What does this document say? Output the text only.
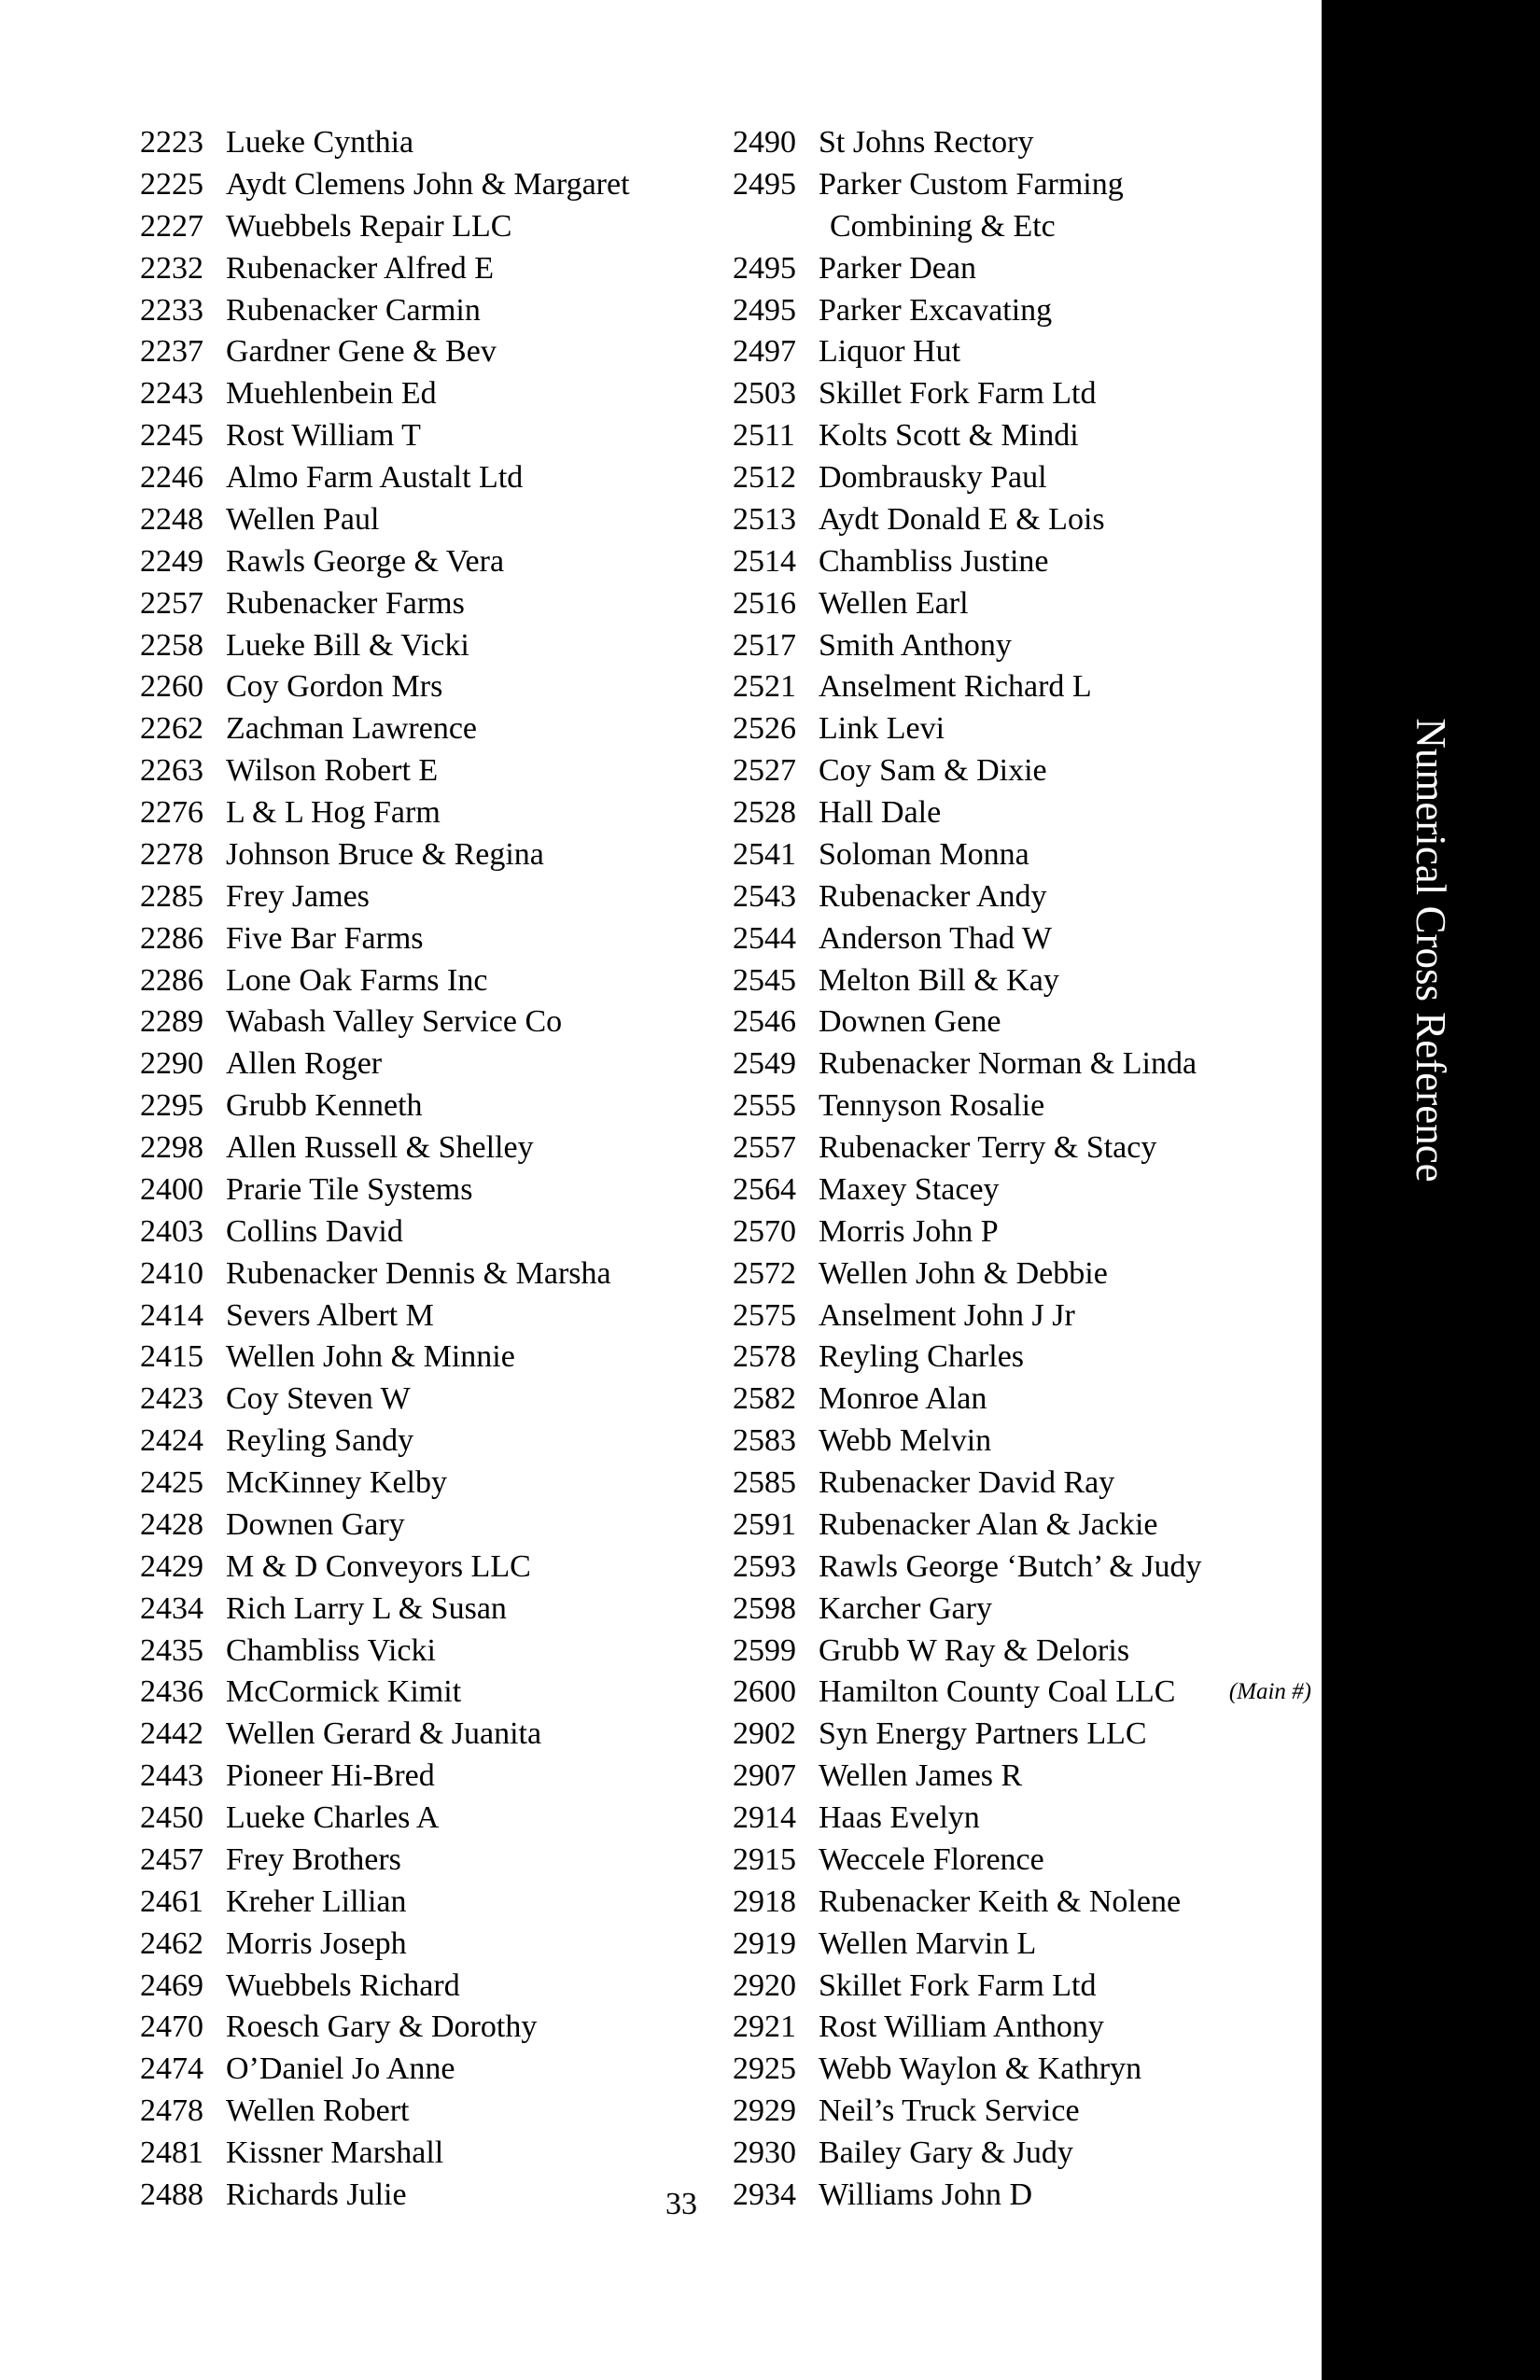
2223 Lueke Cynthia
2225 Aydt Clemens John & Margaret
2227 Wuebbels Repair LLC
2232 Rubenacker Alfred E
2233 Rubenacker Carmin
2237 Gardner Gene & Bev
2243 Muehlenbein Ed
2245 Rost William T
2246 Almo Farm Austalt Ltd
2248 Wellen Paul
2249 Rawls George & Vera
2257 Rubenacker Farms
2258 Lueke Bill & Vicki
2260 Coy Gordon Mrs
2262 Zachman Lawrence
2263 Wilson Robert E
2276 L & L Hog Farm
2278 Johnson Bruce & Regina
2285 Frey James
2286 Five Bar Farms
2286 Lone Oak Farms Inc
2289 Wabash Valley Service Co
2290 Allen Roger
2295 Grubb Kenneth
2298 Allen Russell & Shelley
2400 Prarie Tile Systems
2403 Collins David
2410 Rubenacker Dennis & Marsha
2414 Severs Albert M
2415 Wellen John & Minnie
2423 Coy Steven W
2424 Reyling Sandy
2425 McKinney Kelby
2428 Downen Gary
2429 M & D Conveyors LLC
2434 Rich Larry L & Susan
2435 Chambliss Vicki
2436 McCormick Kimit
2442 Wellen Gerard & Juanita
2443 Pioneer Hi-Bred
2450 Lueke Charles A
2457 Frey Brothers
2461 Kreher Lillian
2462 Morris Joseph
2469 Wuebbels Richard
2470 Roesch Gary & Dorothy
2474 O’Daniel Jo Anne
2478 Wellen Robert
2481 Kissner Marshall
2488 Richards Julie
2490 St Johns Rectory
2495 Parker Custom Farming
Combining & Etc
2495 Parker Dean
2495 Parker Excavating
2497 Liquor Hut
2503 Skillet Fork Farm Ltd
2511 Kolts Scott & Mindi
2512 Dombrausky Paul
2513 Aydt Donald E & Lois
2514 Chambliss Justine
2516 Wellen Earl
2517 Smith Anthony
2521 Anselment Richard L
2526 Link Levi
2527 Coy Sam & Dixie
2528 Hall Dale
2541 Soloman Monna
2543 Rubenacker Andy
2544 Anderson Thad W
2545 Melton Bill & Kay
2546 Downen Gene
2549 Rubenacker Norman & Linda
2555 Tennyson Rosalie
2557 Rubenacker Terry & Stacy
2564 Maxey Stacey
2570 Morris John P
2572 Wellen John & Debbie
2575 Anselment John J Jr
2578 Reyling Charles
2582 Monroe Alan
2583 Webb Melvin
2585 Rubenacker David Ray
2591 Rubenacker Alan & Jackie
2593 Rawls George ‘Butch’ & Judy
2598 Karcher Gary
2599 Grubb W Ray & Deloris
2600 Hamilton County Coal LLC	(Main #)
2902 Syn Energy Partners LLC
2907 Wellen James R
2914 Haas Evelyn
2915 Weccele Florence
2918 Rubenacker Keith & Nolene
2919 Wellen Marvin L
2920 Skillet Fork Farm Ltd
2921 Rost William Anthony
2925 Webb Waylon & Kathryn
2929 Neil’s Truck Service
2930 Bailey Gary & Judy
2934 Williams John D
33
Numerical Cross Reference
